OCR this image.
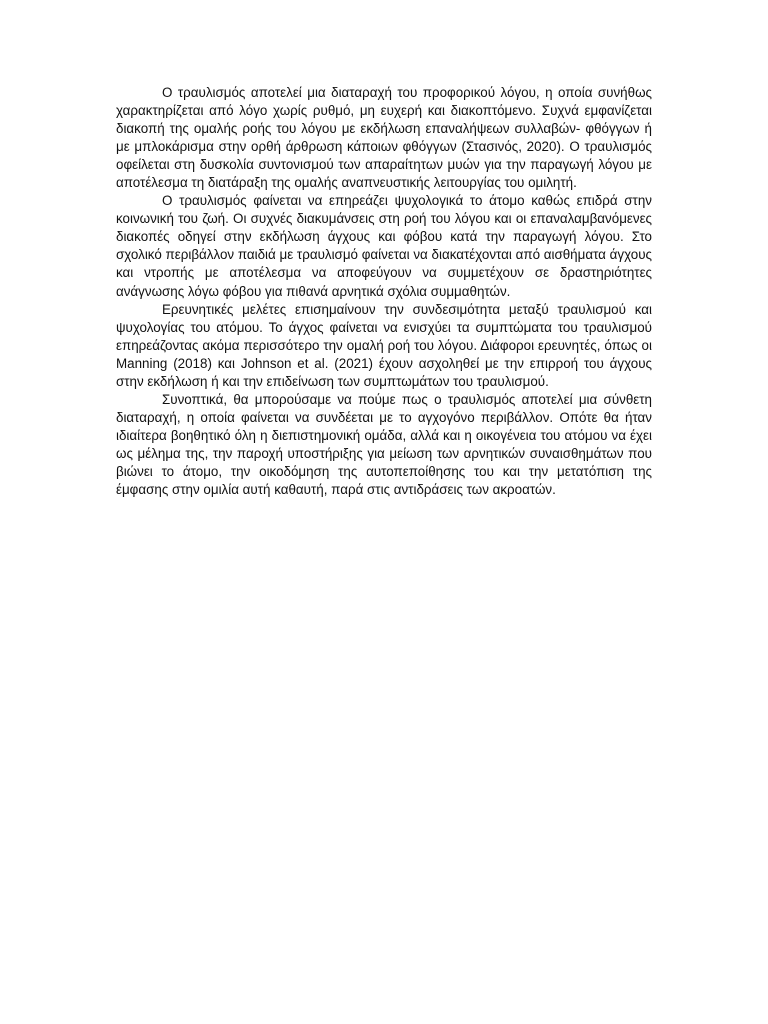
Ο τραυλισμός αποτελεί μια διαταραχή του προφορικού λόγου, η οποία συνήθως χαρακτηρίζεται από λόγο χωρίς ρυθμό, μη ευχερή και διακοπτόμενο. Συχνά εμφανίζεται διακοπή της ομαλής ροής του λόγου με εκδήλωση επαναλήψεων συλλαβών- φθόγγων ή με μπλοκάρισμα στην ορθή άρθρωση κάποιων φθόγγων (Στασινός, 2020). Ο τραυλισμός οφείλεται στη δυσκολία συντονισμού των απαραίτητων μυών για την παραγωγή λόγου με αποτέλεσμα τη διατάραξη της ομαλής αναπνευστικής λειτουργίας του ομιλητή.

Ο τραυλισμός φαίνεται να επηρεάζει ψυχολογικά το άτομο καθώς επιδρά στην κοινωνική του ζωή. Οι συχνές διακυμάνσεις στη ροή του λόγου και οι επαναλαμβανόμενες διακοπές οδηγεί στην εκδήλωση άγχους και φόβου κατά την παραγωγή λόγου. Στο σχολικό περιβάλλον παιδιά με τραυλισμό φαίνεται να διακατέχονται από αισθήματα άγχους και ντροπής με αποτέλεσμα να αποφεύγουν να συμμετέχουν σε δραστηριότητες ανάγνωσης λόγω φόβου για πιθανά αρνητικά σχόλια συμμαθητών.

Ερευνητικές μελέτες επισημαίνουν την συνδεσιμότητα μεταξύ τραυλισμού και ψυχολογίας του ατόμου. Το άγχος φαίνεται να ενισχύει τα συμπτώματα του τραυλισμού επηρεάζοντας ακόμα περισσότερο την ομαλή ροή του λόγου. Διάφοροι ερευνητές, όπως οι Manning (2018) και Johnson et al. (2021) έχουν ασχοληθεί με την επιρροή του άγχους στην εκδήλωση ή και την επιδείνωση των συμπτωμάτων του τραυλισμού.

Συνοπτικά, θα μπορούσαμε να πούμε πως ο τραυλισμός αποτελεί μια σύνθετη διαταραχή, η οποία φαίνεται να συνδέεται με το αγχογόνο περιβάλλον. Οπότε θα ήταν ιδιαίτερα βοηθητικό όλη η διεπιστημονική ομάδα, αλλά και η οικογένεια του ατόμου να έχει ως μέλημα της, την παροχή υποστήριξης για μείωση των αρνητικών συναισθημάτων που βιώνει το άτομο, την οικοδόμηση της αυτοπεποίθησης του και την μετατόπιση της έμφασης στην ομιλία αυτή καθαυτή, παρά στις αντιδράσεις των ακροατών.
